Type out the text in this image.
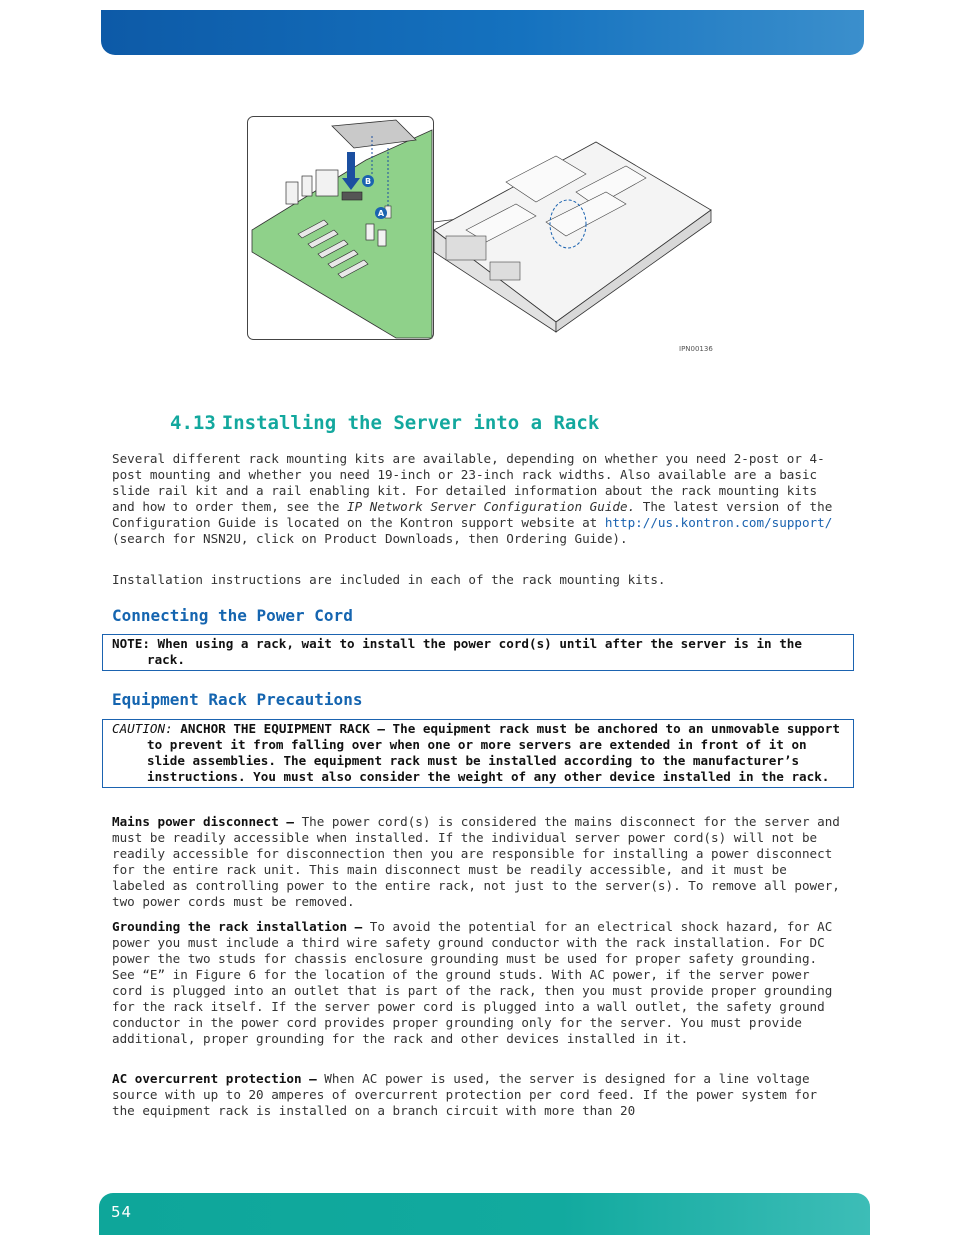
B
A
IPN00136
4.13 Installing the Server into a Rack

Several different rack mounting kits are available, depending on whether you need 2-post or 4-post mounting and whether you need 19-inch or 23-inch rack widths. Also available are a basic slide rail kit and a rail enabling kit. For detailed information about the rack mounting kits and how to order them, see the IP Network Server Configuration Guide. The latest version of the Configuration Guide is located on the Kontron support website at http://us.kontron.com/support/ (search for NSN2U, click on Product Downloads, then Ordering Guide).

Installation instructions are included in each of the rack mounting kits.

Connecting the Power Cord
NOTE: When using a rack, wait to install the power cord(s) until after the server is in the rack.
Equipment Rack Precautions
CAUTION: ANCHOR THE EQUIPMENT RACK — The equipment rack must be anchored to an unmovable support to prevent it from falling over when one or more servers are extended in front of it on slide assemblies. The equipment rack must be installed according to the manufacturer’s instructions. You must also consider the weight of any other device installed in the rack.

Mains power disconnect — The power cord(s) is considered the mains disconnect for the server and must be readily accessible when installed. If the individual server power cord(s) will not be readily accessible for disconnection then you are responsible for installing a power disconnect for the entire rack unit. This main disconnect must be readily accessible, and it must be labeled as controlling power to the entire rack, not just to the server(s). To remove all power, two power cords must be removed.

Grounding the rack installation — To avoid the potential for an electrical shock hazard, for AC power you must include a third wire safety ground conductor with the rack installation. For DC power the two studs for chassis enclosure grounding must be used for proper safety grounding. See “E” in Figure 6 for the location of the ground studs. With AC power, if the server power cord is plugged into an outlet that is part of the rack, then you must provide proper grounding for the rack itself. If the server power cord is plugged into a wall outlet, the safety ground conductor in the power cord provides proper grounding only for the server. You must provide additional, proper grounding for the rack and other devices installed in it.

AC overcurrent protection — When AC power is used, the server is designed for a line voltage source with up to 20 amperes of overcurrent protection per cord feed. If the power system for the equipment rack is installed on a branch circuit with more than 20

54
